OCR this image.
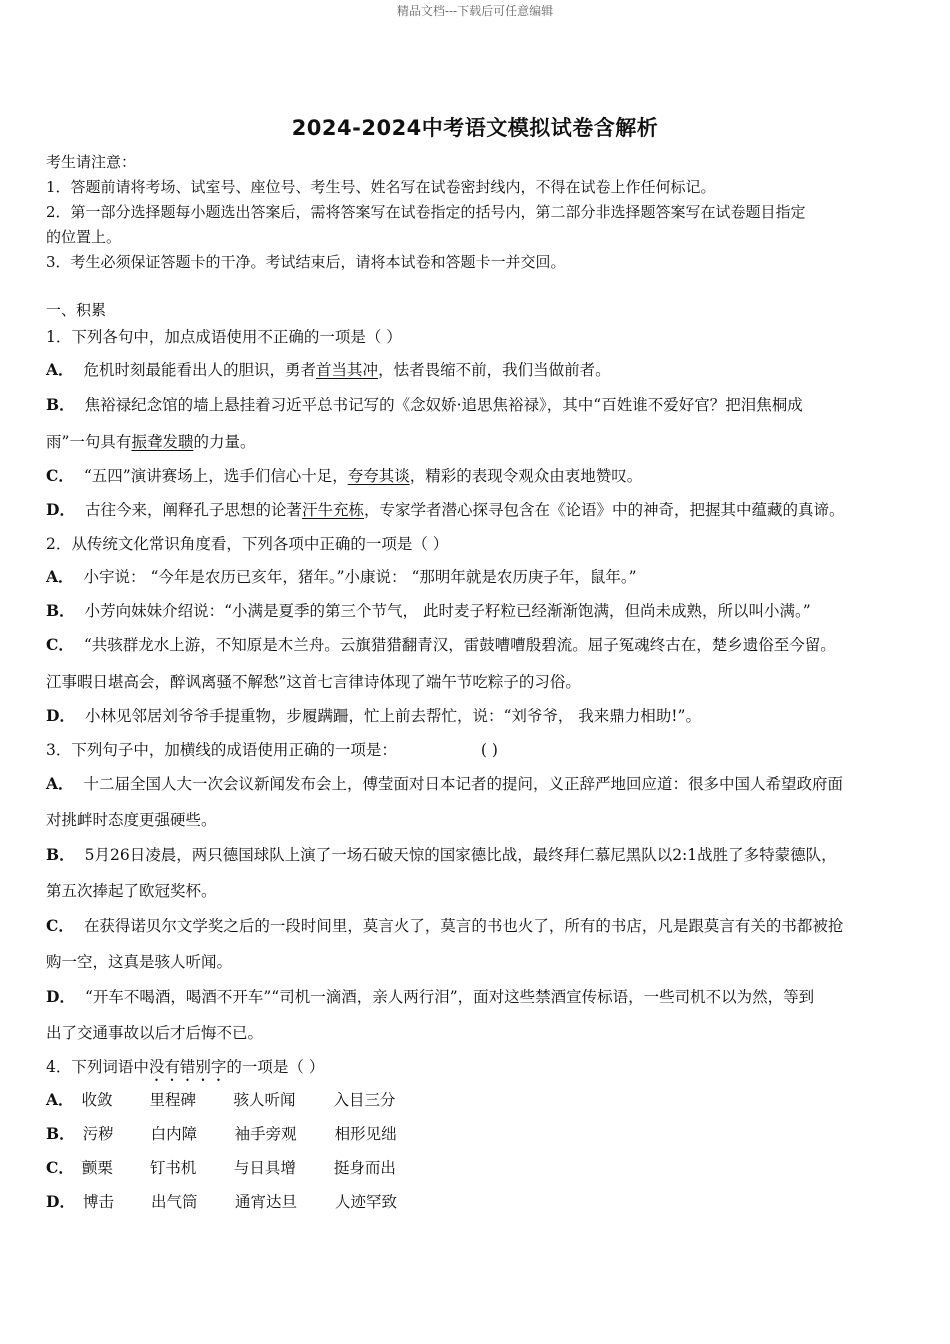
精品文档---下载后可任意编辑
2024-2024中考语文模拟试卷含解析
考生请注意：
1．答题前请将考场、试室号、座位号、考生号、姓名写在试卷密封线内，不得在试卷上作任何标记。
2．第一部分选择题每小题选出答案后，需将答案写在试卷指定的括号内，第二部分非选择题答案写在试卷题目指定
的位置上。
3．考生必须保证答题卡的干净。考试结束后，请将本试卷和答题卡一并交回。
一、积累
1．下列各句中，加点成语使用不正确的一项是（ ）
A． 危机时刻最能看出人的胆识，勇者首当其冲，怯者畏缩不前，我们当做前者。
B． 焦裕禄纪念馆的墙上悬挂着习近平总书记写的《念奴娇·追思焦裕禄》，其中“百姓谁不爱好官？把泪焦桐成
雨”一句具有振聋发聩的力量。
C． “五四”演讲赛场上，选手们信心十足，夸夸其谈，精彩的表现令观众由衷地赞叹。
D． 古往今来，阐释孔子思想的论著汗牛充栋，专家学者潜心探寻包含在《论语》中的神奇，把握其中蕴藏的真谛。
2．从传统文化常识角度看，下列各项中正确的一项是（ ）
A． 小宇说： “今年是农历已亥年，猪年。”小康说： “那明年就是农历庚子年，鼠年。”
B． 小芳向妹妹介绍说：“小满是夏季的第三个节气， 此时麦子籽粒已经渐渐饱满，但尚未成熟，所以叫小满。”
C． “共骇群龙水上游，不知原是木兰舟。云旗猎猎翻青汉，雷鼓嘈嘈殷碧流。屈子冤魂终古在，楚乡遗俗至今留。
江事暇日堪高会，醉讽离骚不解愁”这首七言律诗体现了端午节吃粽子的习俗。
D． 小林见邻居刘爷爷手提重物，步履蹒跚，忙上前去帮忙，说：“刘爷爷， 我来鼎力相助!”。
3．下列句子中，加横线的成语使用正确的一项是：	( )
A． 十二届全国人大一次会议新闻发布会上，傅莹面对日本记者的提问，义正辞严地回应道：很多中国人希望政府面
对挑衅时态度更强硬些。
B． 5月26日凌晨，两只德国球队上演了一场石破天惊的国家德比战，最终拜仁慕尼黑队以2:1战胜了多特蒙德队，
第五次捧起了欧冠奖杯。
C． 在获得诺贝尔文学奖之后的一段时间里，莫言火了，莫言的书也火了，所有的书店，凡是跟莫言有关的书都被抢
购一空，这真是骇人听闻。
D． “开车不喝酒，喝酒不开车”“司机一滴酒，亲人两行泪”，面对这些禁酒宣传标语，一些司机不以为然，等到
出了交通事故以后才后悔不已。
4．下列词语中没有错别字的一项是（ ）
A． 收敛	里程碑	骇人听闻	入目三分
B． 污秽	白内障	袖手旁观	相形见绌
C． 颤栗	钉书机	与日具增	挺身而出
D． 博击	出气筒	通宵达旦	人迹罕致
